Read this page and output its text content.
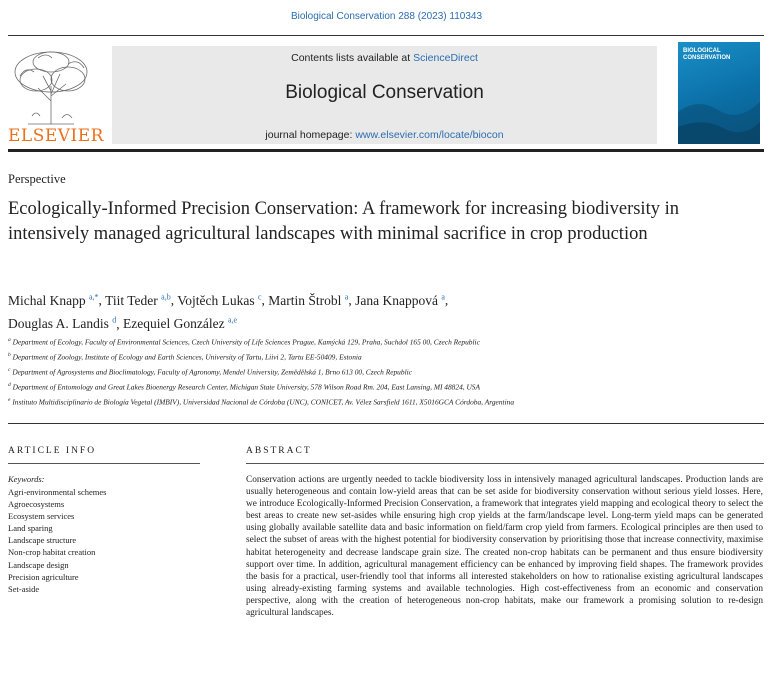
Biological Conservation 288 (2023) 110343
ELSEVIER
Contents lists available at ScienceDirect
Biological Conservation
journal homepage: www.elsevier.com/locate/biocon
BIOLOGICAL CONSERVATION
Perspective
Ecologically-Informed Precision Conservation: A framework for increasing biodiversity in intensively managed agricultural landscapes with minimal sacrifice in crop production
Michal Knapp $^{a,*}$, Tiit Teder $^{a,b}$, Vojtěch Lukas $^c$, Martin Štrobl $^a$, Jana Knappová $^a$,
Douglas A. Landis $^d$, Ezequiel González $^{a,e}$
$^a$ Department of Ecology, Faculty of Environmental Sciences, Czech University of Life Sciences Prague, Kamýcká 129, Praha, Suchdol 165 00, Czech Republic
$^b$ Department of Zoology, Institute of Ecology and Earth Sciences, University of Tartu, Liivi 2, Tartu EE-50409, Estonia
$^c$ Department of Agrosystems and Bioclimatology, Faculty of Agronomy, Mendel University, Zemědělská 1, Brno 613 00, Czech Republic
$^d$ Department of Entomology and Great Lakes Bioenergy Research Center, Michigan State University, 578 Wilson Road Rm. 204, East Lansing, MI 48824, USA
$^e$ Instituto Multidisciplinario de Biología Vegetal (IMBIV), Universidad Nacional de Córdoba (UNC), CONICET, Av. Vélez Sarsfield 1611, X5016GCA Córdoba, Argentina
ARTICLE INFO
Keywords:
Agri-environmental schemes
Agroecosystems
Ecosystem services
Land sparing
Landscape structure
Non-crop habitat creation
Landscape design
Precision agriculture
Set-aside
ABSTRACT

Conservation actions are urgently needed to tackle biodiversity loss in intensively managed agricultural landscapes. Production lands are usually heterogeneous and contain low-yield areas that can be set aside for biodiversity conservation without serious yield losses. Here, we introduce Ecologically-Informed Precision Conservation, a framework that integrates yield mapping and ecological theory to select the best areas to create new set-asides while ensuring high crop yields at the farm/landscape level. Long-term yield maps can be generated using globally available satellite data and basic information on field/farm crop yield from farmers. Ecological principles are then used to select the subset of areas with the highest potential for biodiversity conservation by prioritising those that increase connectivity, maximise habitat heterogeneity and decrease landscape grain size. The created non-crop habitats can be permanent and thus ensure biodiversity support over time. In addition, agricultural management efficiency can be enhanced by improving field shapes. The framework provides the basis for a practical, user-friendly tool that informs all interested stakeholders on how to rationalise existing agricultural landscapes using already-existing farming systems and available technologies. High cost-effectiveness from an economic and conservation perspective, along with the creation of heterogeneous non-crop habitats, make our framework a promising solution to re-design agricultural landscapes.
